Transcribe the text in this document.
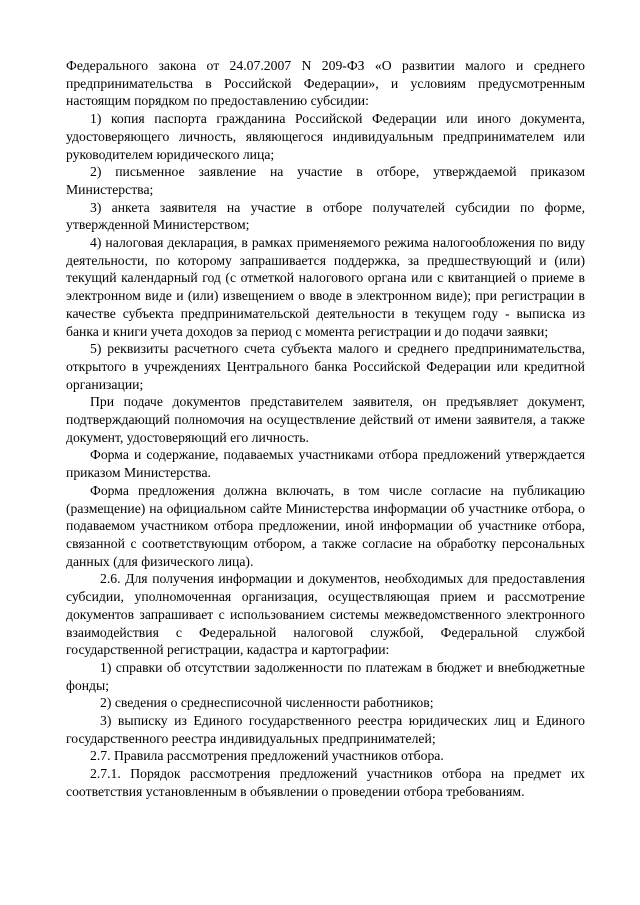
Федерального закона от 24.07.2007 N 209-ФЗ «О развитии малого и среднего предпринимательства в Российской Федерации», и условиям предусмотренным настоящим порядком по предоставлению субсидии:

1) копия паспорта гражданина Российской Федерации или иного документа, удостоверяющего личность, являющегося индивидуальным предпринимателем или руководителем юридического лица;

2) письменное заявление на участие в отборе, утверждаемой приказом Министерства;

3) анкета заявителя на участие в отборе получателей субсидии по форме, утвержденной Министерством;

4) налоговая декларация, в рамках применяемого режима налогообложения по виду деятельности, по которому запрашивается поддержка, за предшествующий и (или) текущий календарный год (с отметкой налогового органа или с квитанцией о приеме в электронном виде и (или) извещением о вводе в электронном виде); при регистрации в качестве субъекта предпринимательской деятельности в текущем году - выписка из банка и книги учета доходов за период с момента регистрации и до подачи заявки;

5) реквизиты расчетного счета субъекта малого и среднего предпринимательства, открытого в учреждениях Центрального банка Российской Федерации или кредитной организации;

При подаче документов представителем заявителя, он предъявляет документ, подтверждающий полномочия на осуществление действий от имени заявителя, а также документ, удостоверяющий его личность.

Форма и содержание, подаваемых участниками отбора предложений утверждается приказом Министерства.

Форма предложения должна включать, в том числе согласие на публикацию (размещение) на официальном сайте Министерства информации об участнике отбора, о подаваемом участником отбора предложении, иной информации об участнике отбора, связанной с соответствующим отбором, а также согласие на обработку персональных данных (для физического лица).

2.6. Для получения информации и документов, необходимых для предоставления субсидии, уполномоченная организация, осуществляющая прием и рассмотрение документов запрашивает с использованием системы межведомственного электронного взаимодействия с Федеральной налоговой службой, Федеральной службой государственной регистрации, кадастра и картографии:

1) справки об отсутствии задолженности по платежам в бюджет и внебюджетные фонды;

2) сведения о среднесписочной численности работников;

3) выписку из Единого государственного реестра юридических лиц и Единого государственного реестра индивидуальных предпринимателей;

2.7. Правила рассмотрения предложений участников отбора.

2.7.1. Порядок рассмотрения предложений участников отбора на предмет их соответствия установленным в объявлении о проведении отбора требованиям.
